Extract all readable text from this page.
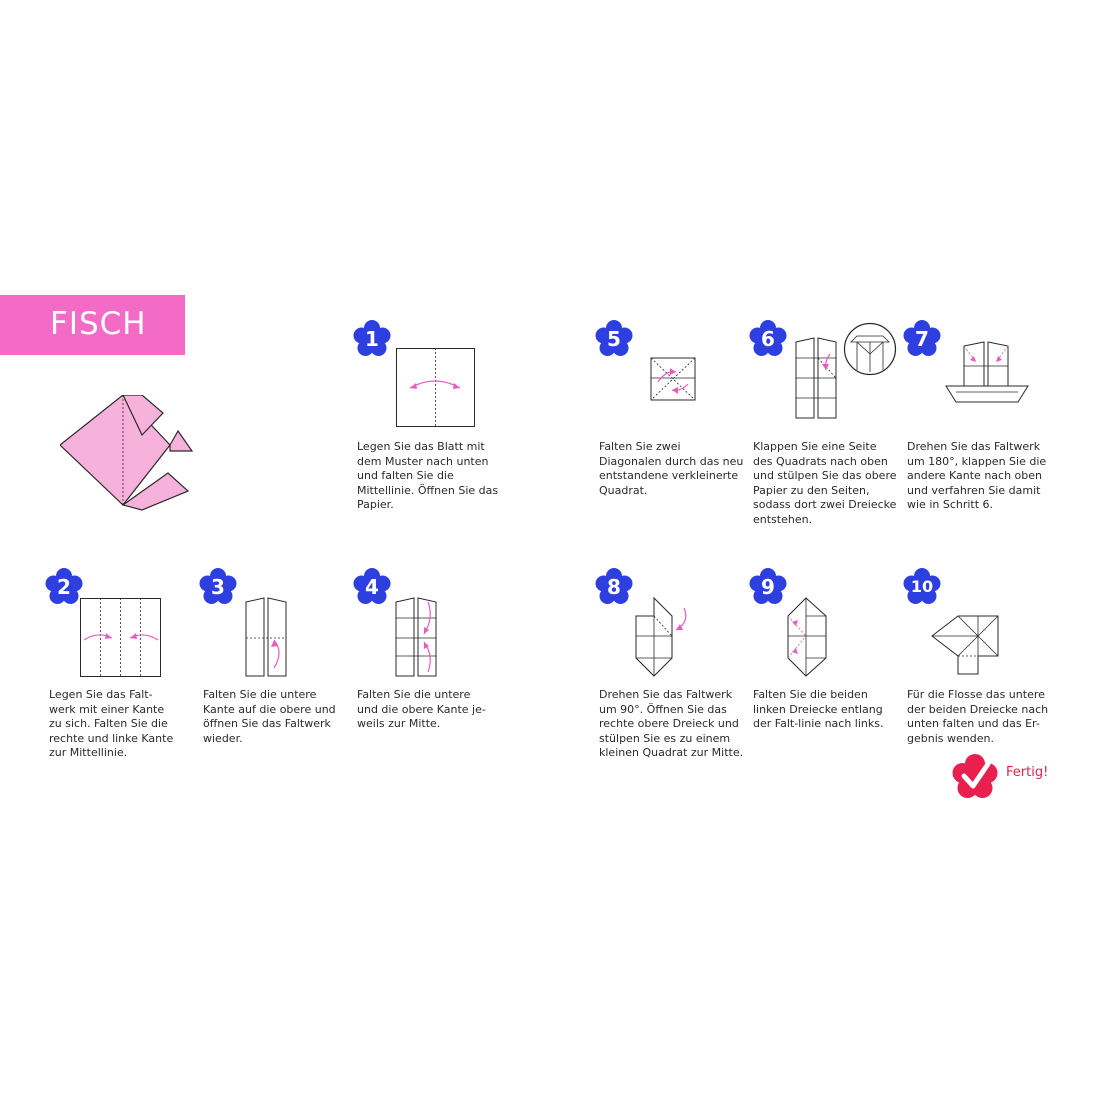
FISCH	1
2	3	4
5	6	7
8	9	10
Legen Sie das Blatt mit dem Muster nach unten und falten Sie die Mittellinie. Öffnen Sie das Papier.
Legen Sie das Falt-werk mit einer Kante zu sich. Falten Sie die rechte und linke Kante zur Mittellinie.
Falten Sie die untere Kante auf die obere und öffnen Sie das Faltwerk wieder.
Falten Sie die untere und die obere Kante je-weils zur Mitte.
Falten Sie zwei Diagonalen durch das neu entstandene verkleinerte Quadrat.
Klappen Sie eine Seite des Quadrats nach oben und stülpen Sie das obere Papier zu den Seiten, sodass dort zwei Dreiecke entstehen.
Drehen Sie das Faltwerk um 180°, klappen Sie die andere Kante nach oben und verfahren Sie damit wie in Schritt 6.
Drehen Sie das Faltwerk um 90°. Öffnen Sie das rechte obere Dreieck und stülpen Sie es zu einem kleinen Quadrat zur Mitte.
Falten Sie die beiden linken Dreiecke entlang der Falt-linie nach links.
Für die Flosse das untere der beiden Dreiecke nach unten falten und das Er-gebnis wenden.
Fertig!
